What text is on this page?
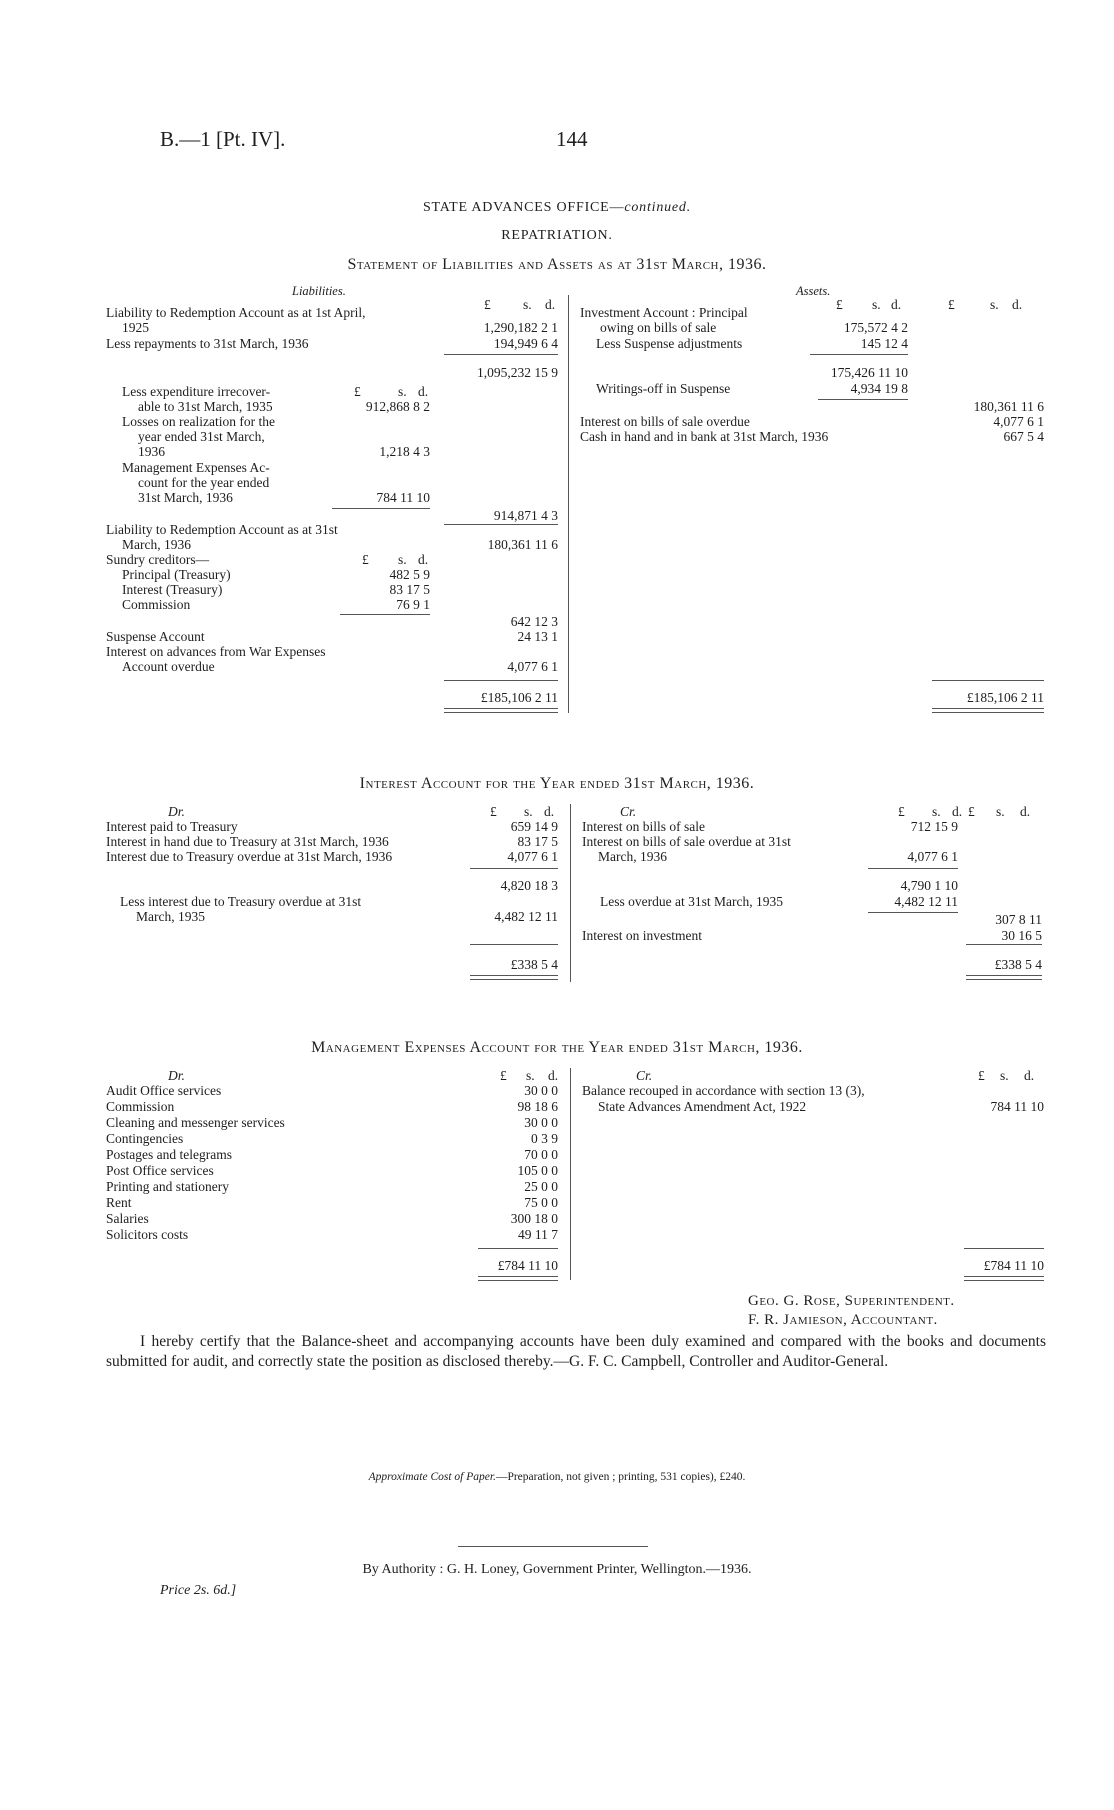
B.—1 [Pt. IV].	144
STATE ADVANCES OFFICE—continued.
REPATRIATION.
Statement of Liabilities and Assets as at 31st March, 1936.
Liabilities.	Assets.
£ s. d.	£ s. d.	£	s. d.
Liability to Redemption Account as at 1st April,
1925	1,290,182 2 1
Less repayments to 31st March, 1936	194,949 6 4
1,095,232 15 9
£	s. d.
Less expenditure irrecover-
able to 31st March, 1935	912,868 8 2
Losses on realization for the
year ended 31st March,
1936	1,218 4 3
Management Expenses Ac-
count for the year ended
31st March, 1936	784 11 10
914,871 4 3
Liability to Redemption Account as at 31st
March, 1936	180,361 11 6
Sundry creditors—	£ s. d.
Principal (Treasury)	482 5 9
Interest (Treasury)	83 17 5
Commission	76 9 1
642 12 3
Suspense Account	24 13 1
Interest on advances from War Expenses
Account overdue	4,077 6 1
£185,106 2 11
Investment Account : Principal
owing on bills of sale	175,572 4 2
Less Suspense adjustments	145 12 4
175,426 11 10
Writings-off in Suspense	4,934 19 8
180,361 11 6
Interest on bills of sale overdue	4,077 6 1
Cash in hand and in bank at 31st March, 1936	667 5 4
£185,106 2 11
Interest Account for the Year ended 31st March, 1936.
Dr.	Cr.
£ s. d.	£ s. d. £ s. d.
Interest paid to Treasury	659 14 9
Interest in hand due to Treasury at 31st March, 1936	83 17 5
Interest due to Treasury overdue at 31st March, 1936	4,077 6 1
4,820 18 3
Less interest due to Treasury overdue at 31st
March, 1935	4,482 12 11
£338 5 4
Interest on bills of sale	712 15 9
Interest on bills of sale overdue at 31st
March, 1936	4,077 6 1
4,790 1 10
Less overdue at 31st March, 1935	4,482 12 11
307 8 11
Interest on investment	30 16 5
£338 5 4
Management Expenses Account for the Year ended 31st March, 1936.
Dr.	Cr.
£ s. d.	£ s. d.
Audit Office services	30 0 0
Commission	98 18 6
Cleaning and messenger services	30 0 0
Contingencies	0 3 9
Postages and telegrams	70 0 0
Post Office services	105 0 0
Printing and stationery	25 0 0
Rent	75 0 0
Salaries	300 18 0
Solicitors costs	49 11 7
£784 11 10
Balance recouped in accordance with section 13 (3),
State Advances Amendment Act, 1922	784 11 10
£784 11 10
Geo. G. Rose, Superintendent.
F. R. Jamieson, Accountant.
I hereby certify that the Balance-sheet and accompanying accounts have been duly examined and compared with the books and documents submitted for audit, and correctly state the position as disclosed thereby.—G. F. C. Campbell, Controller and Auditor-General.
Approximate Cost of Paper.—Preparation, not given ; printing, 531 copies), £240.
By Authority : G. H. Loney, Government Printer, Wellington.—1936.
Price 2s. 6d.]
